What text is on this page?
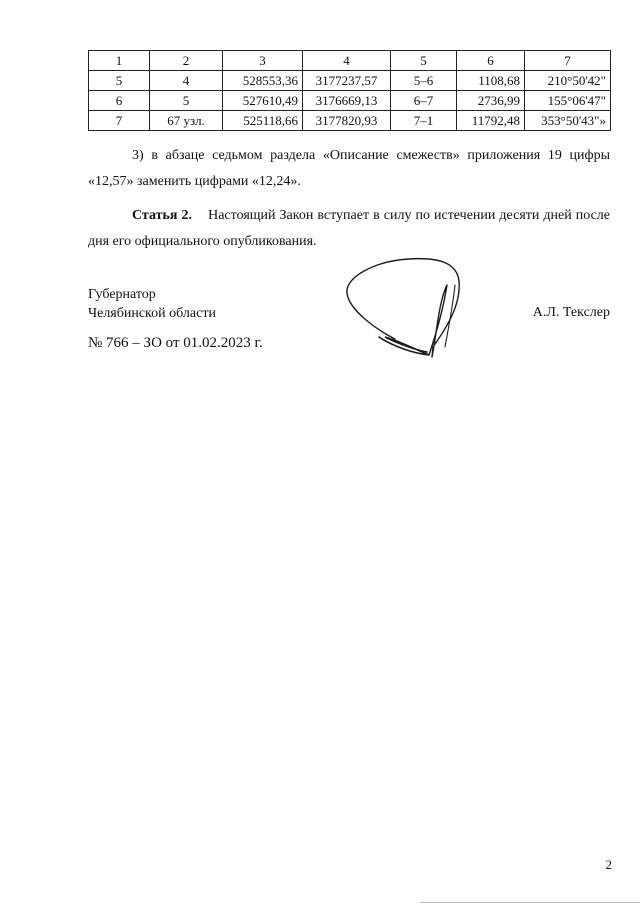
1	2	3	4	5	6	7
5	4	528553,36	3177237,57	5–6	1108,68	210°50'42"
6	5	527610,49	3176669,13	6–7	2736,99	155°06'47"
7	67 узл.	525118,66	3177820,93	7–1	11792,48	353°50'43"»
3) в абзаце седьмом раздела «Описание смежеств» приложения 19 цифры
«12,57» заменить цифрами «12,24».
Статья 2. Настоящий Закон вступает в силу по истечении десяти дней после
дня его официального опубликования.
Губернатор
Челябинской области	А.Л. Текслер
№ 766 – ЗО от 01.02.2023 г.
2
